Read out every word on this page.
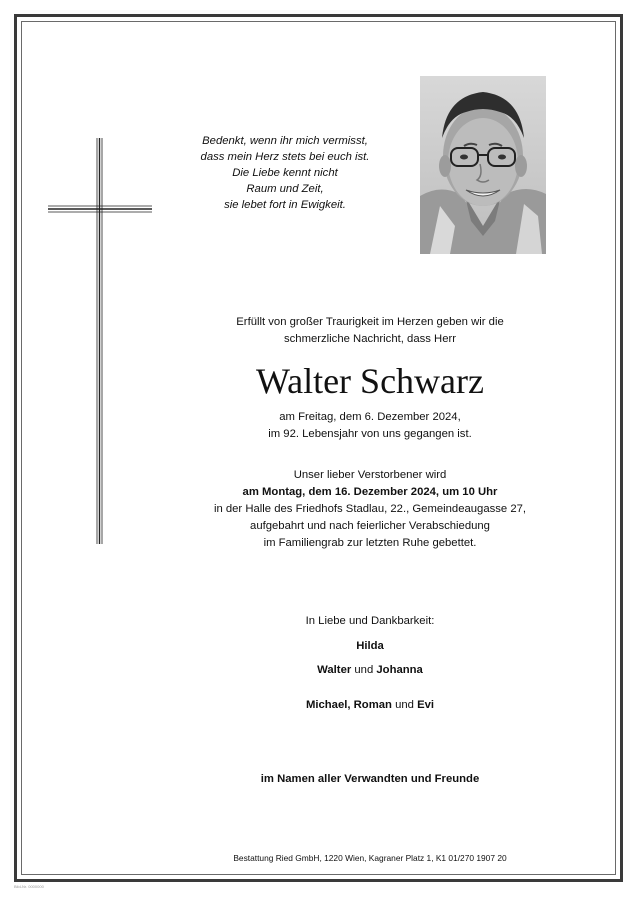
Bedenkt, wenn ihr mich vermisst,
dass mein Herz stets bei euch ist.
Die Liebe kennt nicht
Raum und Zeit,
sie lebet fort in Ewigkeit.
Erfüllt von großer Traurigkeit im Herzen geben wir die
schmerzliche Nachricht, dass Herr
Walter Schwarz
am Freitag, dem 6. Dezember 2024,
im 92. Lebensjahr von uns gegangen ist.
Unser lieber Verstorbener wird
am Montag, dem 16. Dezember 2024, um 10 Uhr
in der Halle des Friedhofs Stadlau, 22., Gemeindeaugasse 27,
aufgebahrt und nach feierlicher Verabschiedung
im Familiengrab zur letzten Ruhe gebettet.
In Liebe und Dankbarkeit:
Hilda
Walter und Johanna
Michael, Roman und Evi
im Namen aller Verwandten und Freunde
Bestattung Ried GmbH, 1220 Wien, Kagraner Platz 1, K1 01/270 1907 20
Bild-Nr. 0000000
